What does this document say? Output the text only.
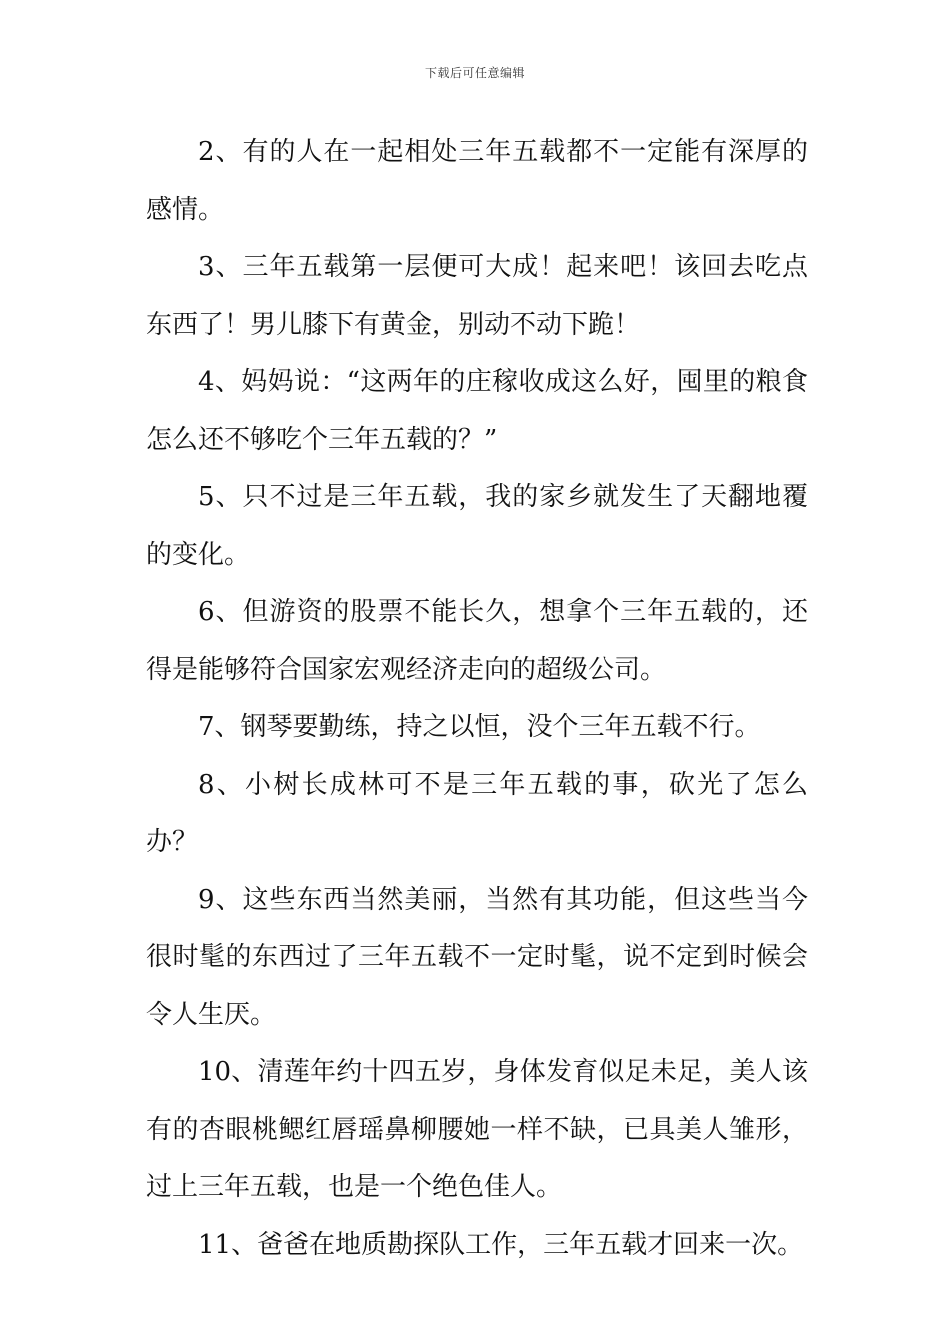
下载后可任意编辑

2、有的人在一起相处三年五载都不一定能有深厚的感情。

3、三年五载第一层便可大成！起来吧！该回去吃点东西了！男儿膝下有黄金，别动不动下跪！

4、妈妈说：“这两年的庄稼收成这么好，囤里的粮食怎么还不够吃个三年五载的？”

5、只不过是三年五载，我的家乡就发生了天翻地覆的变化。

6、但游资的股票不能长久，想拿个三年五载的，还得是能够符合国家宏观经济走向的超级公司。

7、钢琴要勤练，持之以恒，没个三年五载不行。

8、小树长成林可不是三年五载的事，砍光了怎么办？

9、这些东西当然美丽，当然有其功能，但这些当今很时髦的东西过了三年五载不一定时髦，说不定到时候会令人生厌。

10、清莲年约十四五岁，身体发育似足未足，美人该有的杏眼桃鳃红唇瑶鼻柳腰她一样不缺，已具美人雏形，过上三年五载，也是一个绝色佳人。

11、爸爸在地质勘探队工作，三年五载才回来一次。
